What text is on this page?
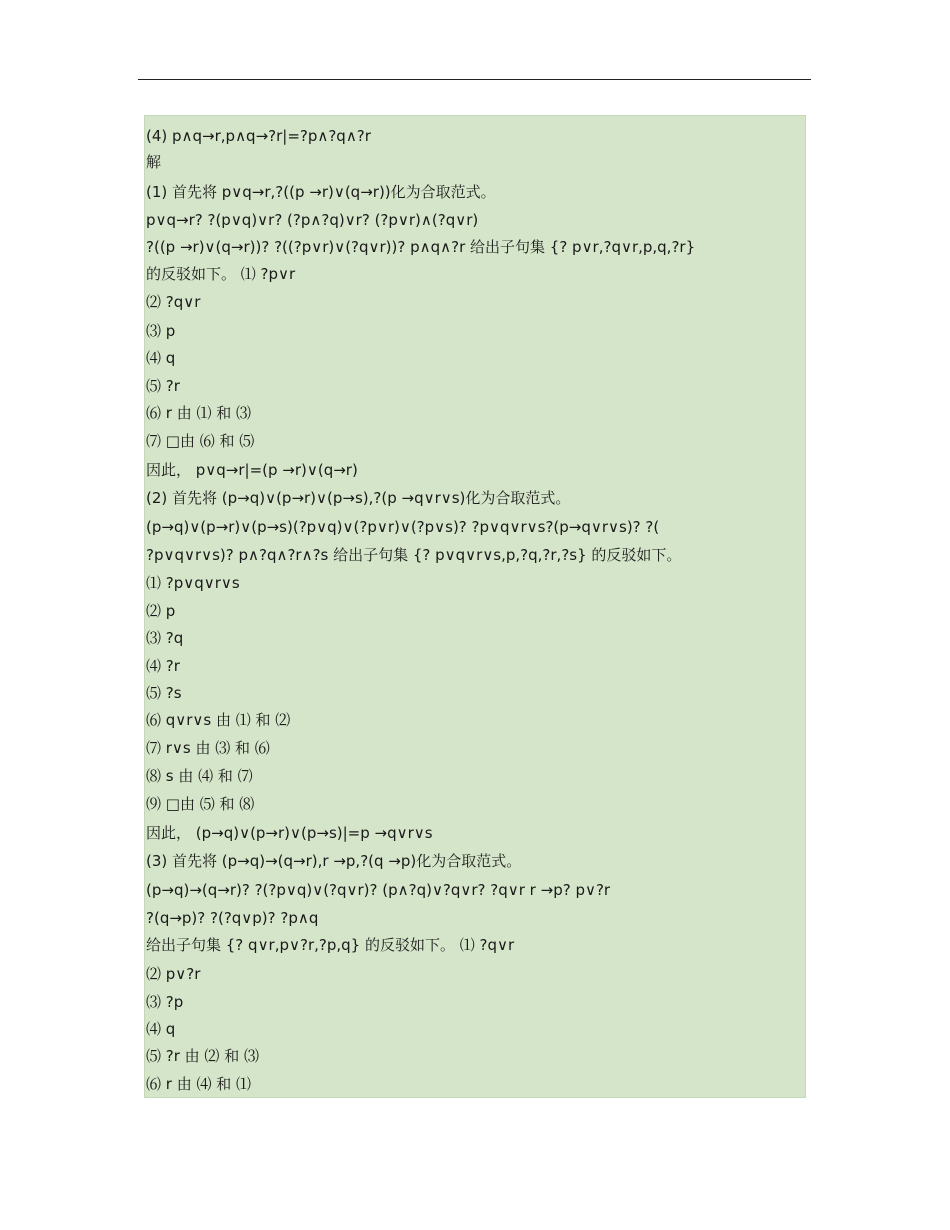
(4) p∧q→r,p∧q→?r|=?p∧?q∧?r
解
(1) 首先将 p∨q→r,?((p →r)∨(q→r))化为合取范式。
p∨q→r? ?(p∨q)∨r? (?p∧?q)∨r? (?p∨r)∧(?q∨r)
?((p →r)∨(q→r))? ?((?p∨r)∨(?q∨r))? p∧q∧?r 给出子句集 {? p∨r,?q∨r,p,q,?r}
的反驳如下。 ⑴ ?p∨r
⑵ ?q∨r
⑶ p
⑷ q
⑸ ?r
⑹ r 由 ⑴ 和 ⑶
⑺ □由 ⑹ 和 ⑸
因此， p∨q→r|=(p →r)∨(q→r)
(2) 首先将 (p→q)∨(p→r)∨(p→s),?(p →q∨r∨s)化为合取范式。
(p→q)∨(p→r)∨(p→s)(?p∨q)∨(?p∨r)∨(?p∨s)? ?p∨q∨r∨s?(p→q∨r∨s)? ?(
?p∨q∨r∨s)? p∧?q∧?r∧?s 给出子句集 {? p∨q∨r∨s,p,?q,?r,?s} 的反驳如下。
⑴ ?p∨q∨r∨s
⑵ p
⑶ ?q
⑷ ?r
⑸ ?s
⑹ q∨r∨s 由 ⑴ 和 ⑵
⑺ r∨s 由 ⑶ 和 ⑹
⑻ s 由 ⑷ 和 ⑺
⑼ □由 ⑸ 和 ⑻
因此， (p→q)∨(p→r)∨(p→s)|=p →q∨r∨s
(3) 首先将 (p→q)→(q→r),r →p,?(q →p)化为合取范式。
(p→q)→(q→r)? ?(?p∨q)∨(?q∨r)? (p∧?q)∨?q∨r? ?q∨r r →p? p∨?r
?(q→p)? ?(?q∨p)? ?p∧q
给出子句集 {? q∨r,p∨?r,?p,q} 的反驳如下。 ⑴ ?q∨r
⑵ p∨?r
⑶ ?p
⑷ q
⑸ ?r 由 ⑵ 和 ⑶
⑹ r 由 ⑷ 和 ⑴
